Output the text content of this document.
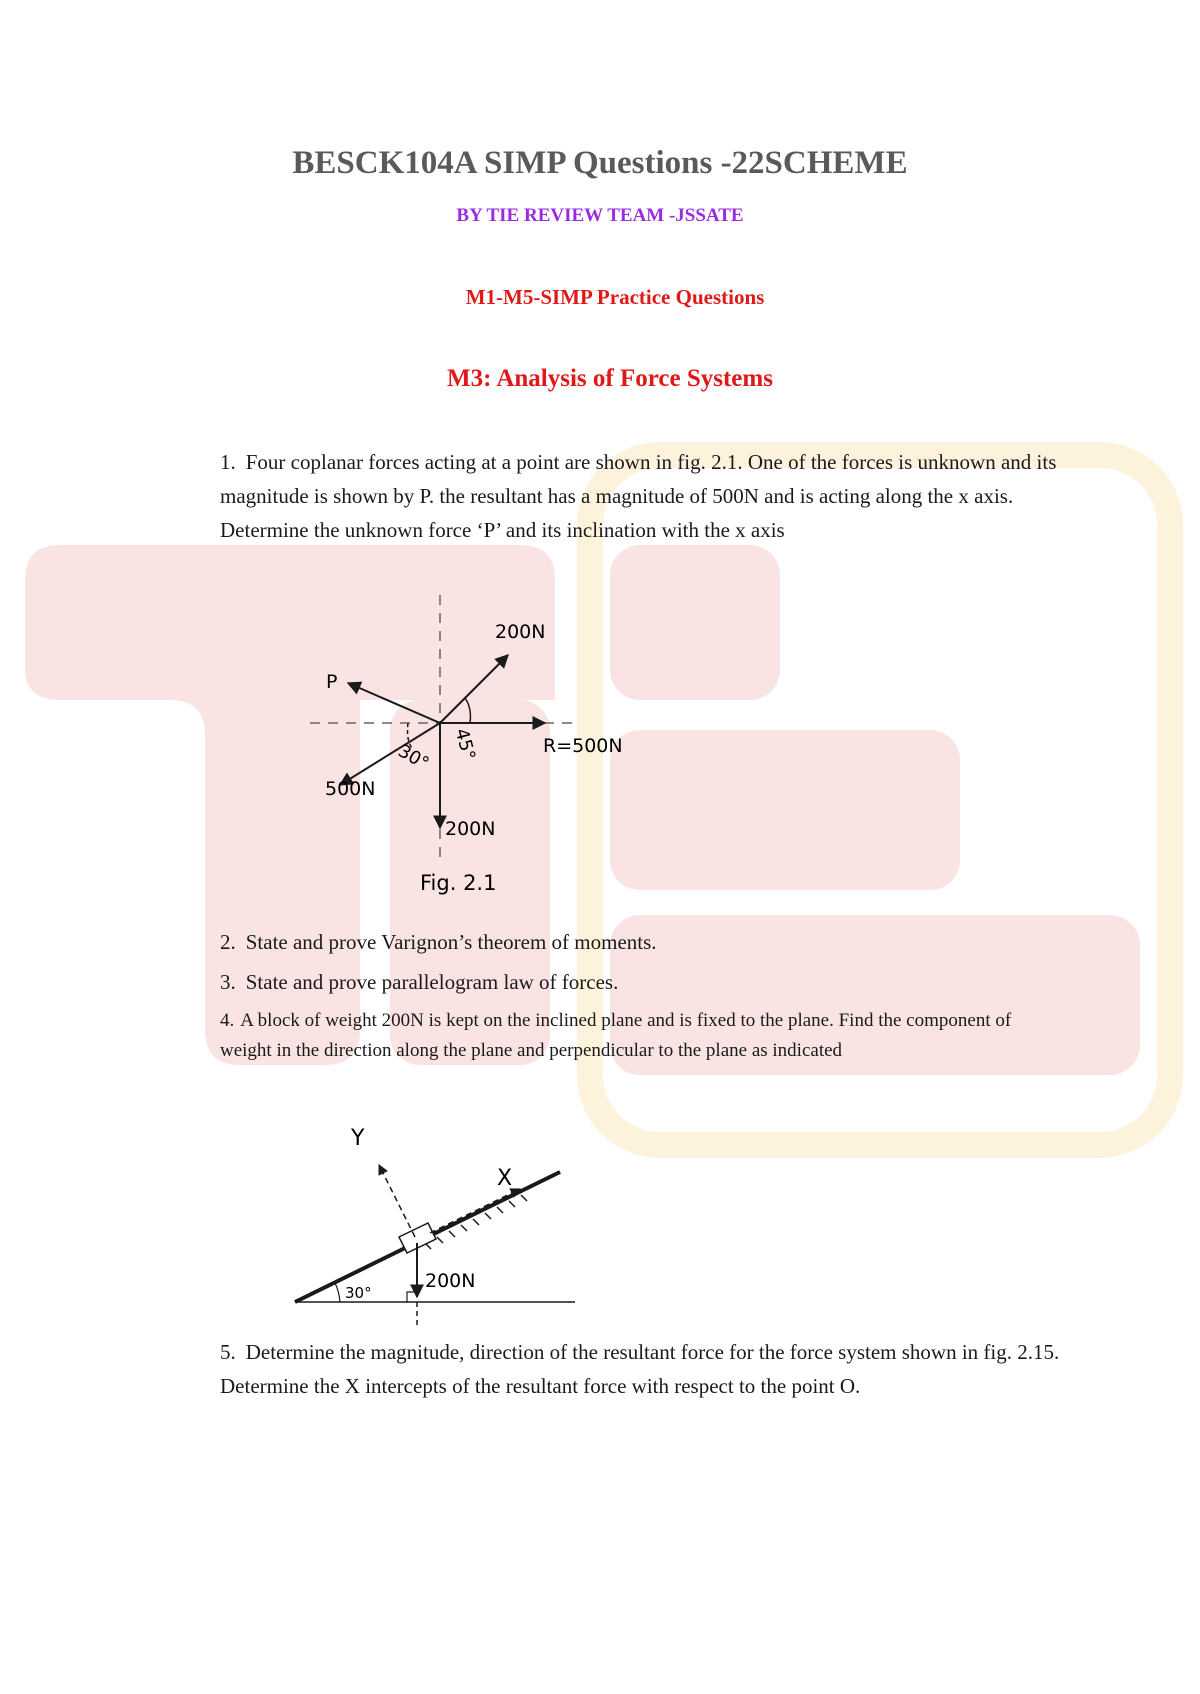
BESCK104A SIMP Questions -22SCHEME
BY TIE REVIEW TEAM -JSSATE
M1-M5-SIMP Practice Questions
M3: Analysis of Force Systems
1. Four coplanar forces acting at a point are shown in fig. 2.1. One of the forces is unknown and its magnitude is shown by P. the resultant has a magnitude of 500N and is acting along the x axis. Determine the unknown force ‘P’ and its inclination with the x axis
200N
P
R=500N
500N
200N
30° 45°
Fig. 2.1
2. State and prove Varignon’s theorem of moments.
3. State and prove parallelogram law of forces.
4. A block of weight 200N is kept on the inclined plane and is fixed to the plane. Find the component of weight in the direction along the plane and perpendicular to the plane as indicated
Y
X
30°
200N
5. Determine the magnitude, direction of the resultant force for the force system shown in fig. 2.15. Determine the X intercepts of the resultant force with respect to the point O.
